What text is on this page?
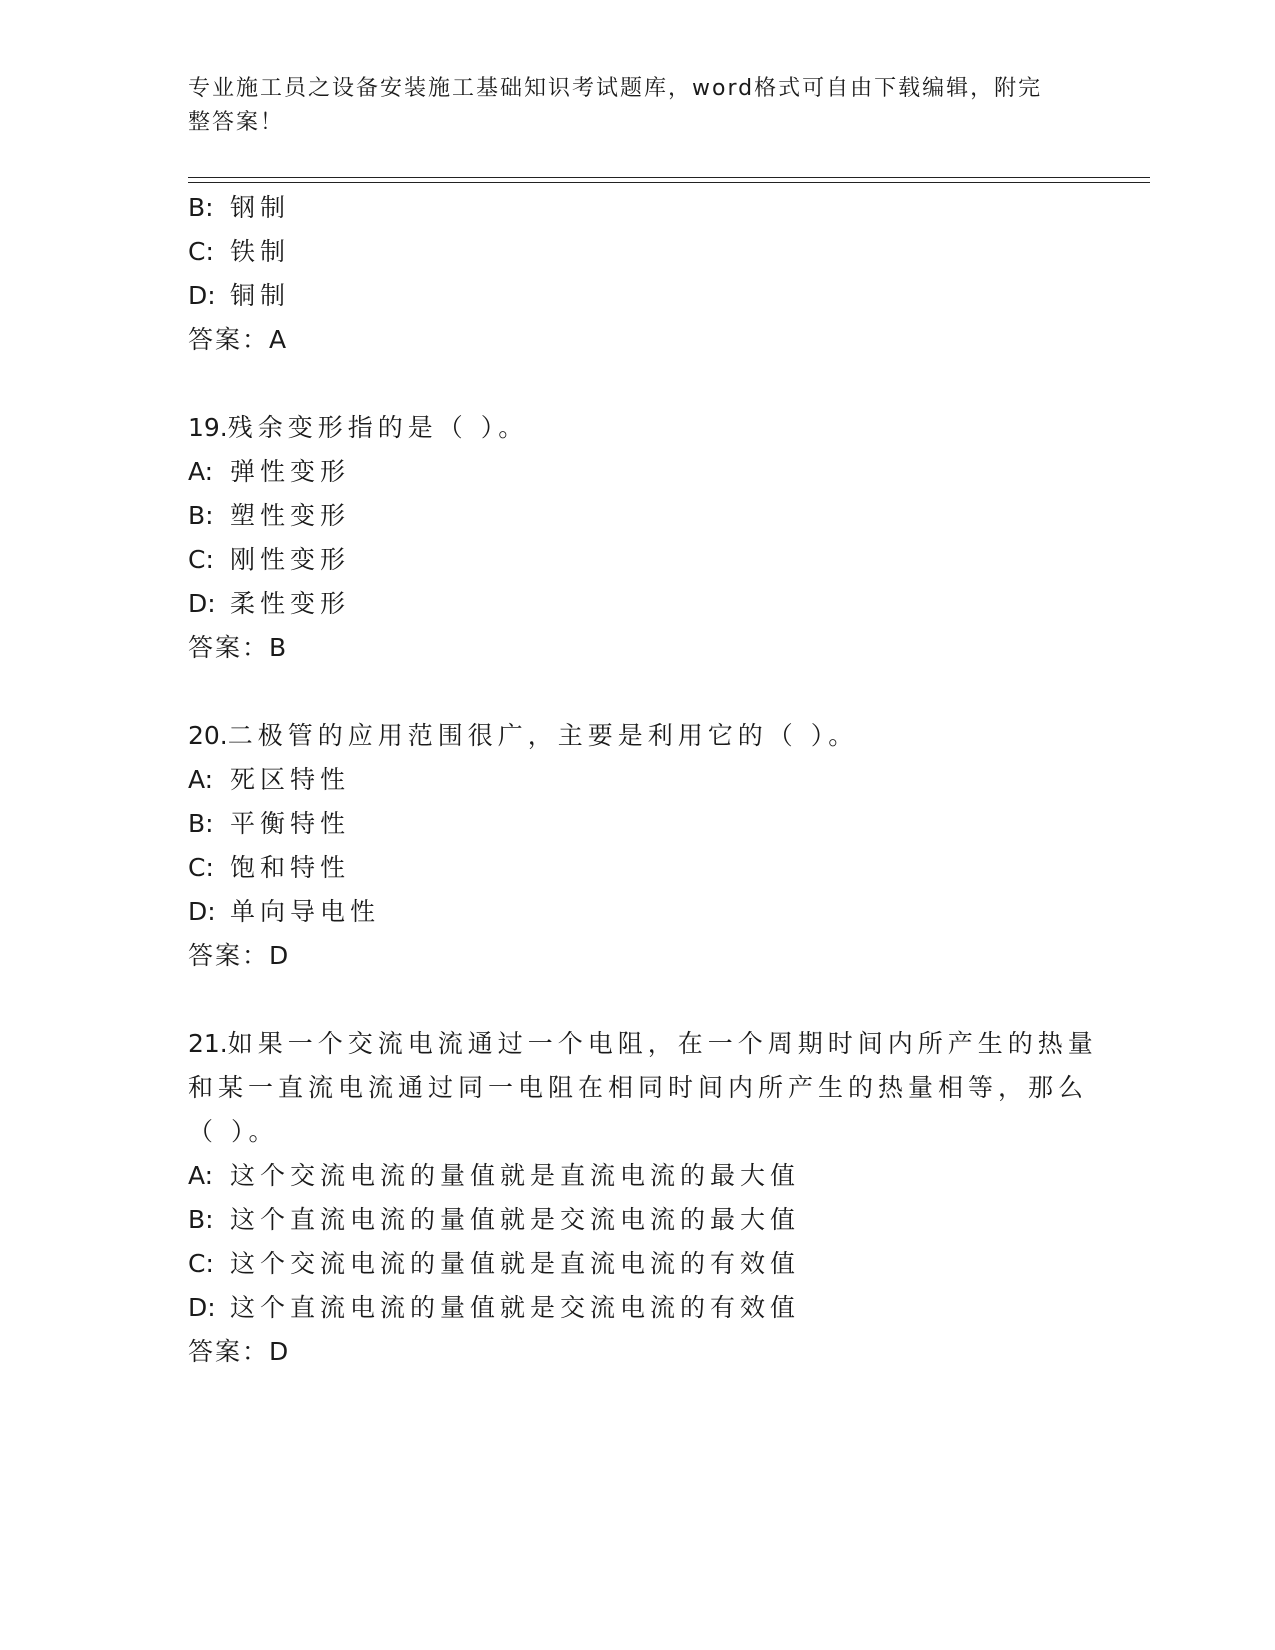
专业施工员之设备安装施工基础知识考试题库，word格式可自由下载编辑，附完
整答案！
B: 钢制
C: 铁制
D: 铜制
答案：A
19.残余变形指的是（ ）。
A: 弹性变形
B: 塑性变形
C: 刚性变形
D: 柔性变形
答案：B
20.二极管的应用范围很广，主要是利用它的（ ）。
A: 死区特性
B: 平衡特性
C: 饱和特性
D: 单向导电性
答案：D
21.如果一个交流电流通过一个电阻，在一个周期时间内所产生的热量
和某一直流电流通过同一电阻在相同时间内所产生的热量相等，那么
（ ）。
A: 这个交流电流的量值就是直流电流的最大值
B: 这个直流电流的量值就是交流电流的最大值
C: 这个交流电流的量值就是直流电流的有效值
D: 这个直流电流的量值就是交流电流的有效值
答案：D
